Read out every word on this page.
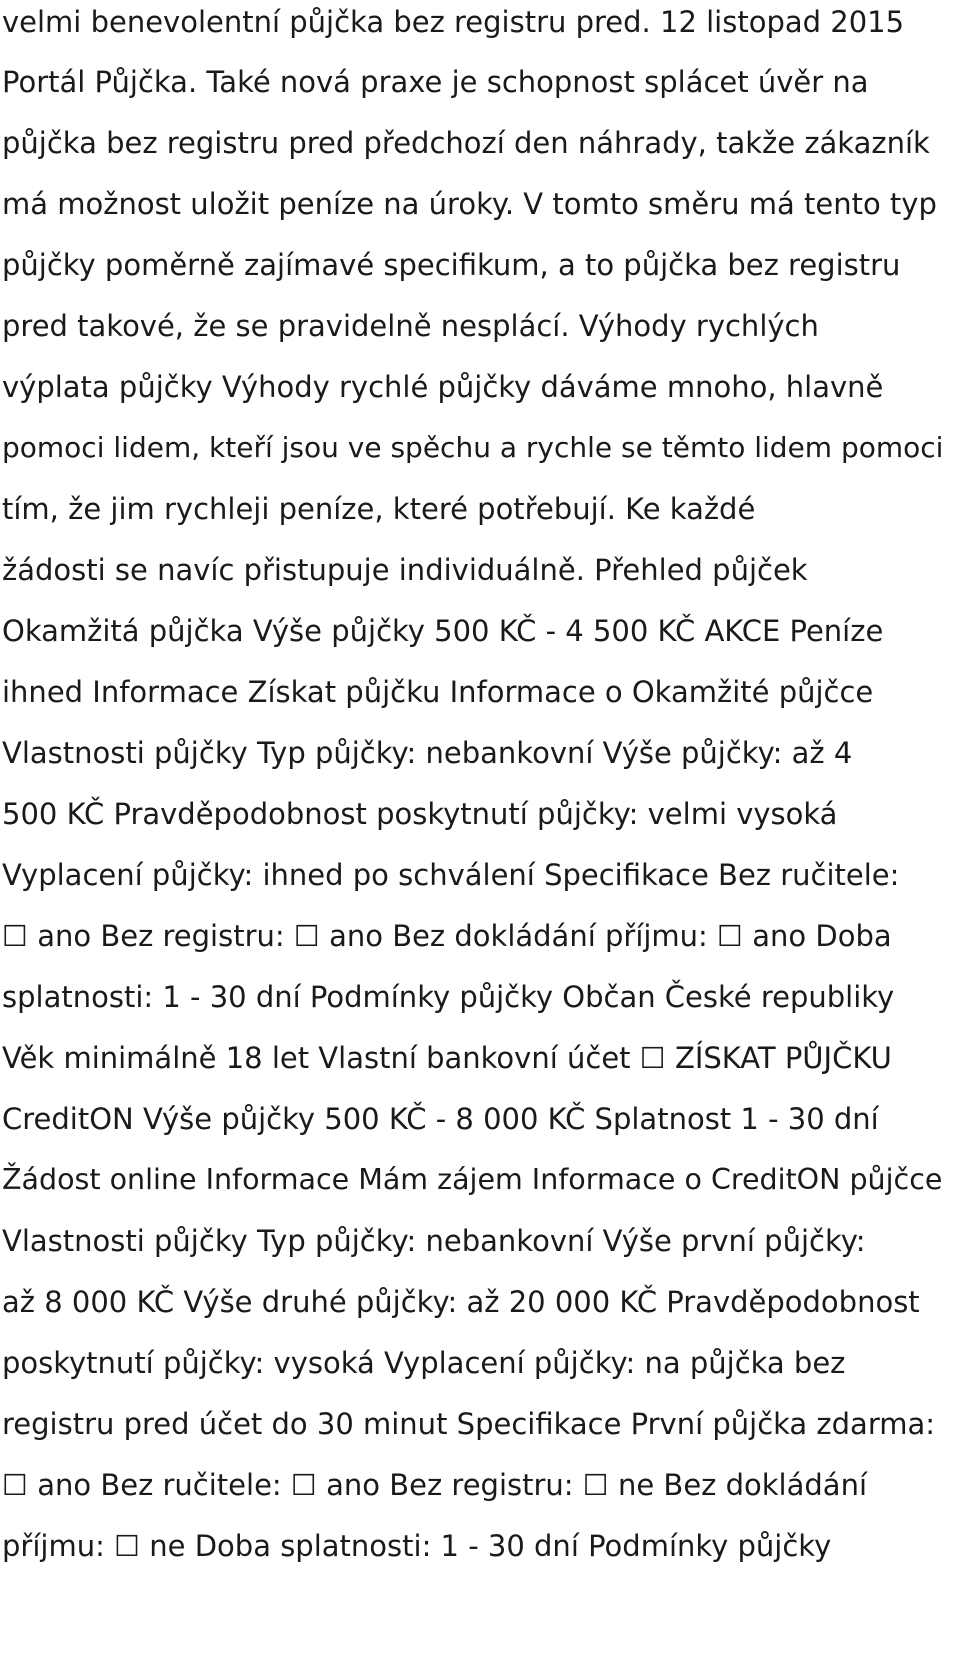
velmi benevolentní půjčka bez registru pred. 12 listopad 2015
Portál Půjčka. Také nová praxe je schopnost splácet úvěr na
půjčka bez registru pred předchozí den náhrady, takže zákazník
má možnost uložit peníze na úroky. V tomto směru má tento typ
půjčky poměrně zajímavé specifikum, a to půjčka bez registru
pred takové, že se pravidelně nesplácí. Výhody rychlých
výplata půjčky Výhody rychlé půjčky dáváme mnoho, hlavně
pomoci lidem, kteří jsou ve spěchu a rychle se těmto lidem pomoci
tím, že jim rychleji peníze, které potřebují. Ke každé
žádosti se navíc přistupuje individuálně. Přehled půjček
Okamžitá půjčka Výše půjčky 500 KČ - 4 500 KČ AKCE Peníze
ihned Informace Získat půjčku Informace o Okamžité půjčce
Vlastnosti půjčky Typ půjčky: nebankovní Výše půjčky: až 4
500 KČ Pravděpodobnost poskytnutí půjčky: velmi vysoká
Vyplacení půjčky: ihned po schválení Specifikace Bez ručitele:
☐ ano Bez registru: ☐ ano Bez dokládání příjmu: ☐ ano Doba
splatnosti: 1 - 30 dní Podmínky půjčky Občan České republiky
Věk minimálně 18 let Vlastní bankovní účet ☐ ZÍSKAT PŮJČKU
CreditON Výše půjčky 500 KČ - 8 000 KČ Splatnost 1 - 30 dní
Žádost online Informace Mám zájem Informace o CreditON půjčce
Vlastnosti půjčky Typ půjčky: nebankovní Výše první půjčky:
až 8 000 KČ Výše druhé půjčky: až 20 000 KČ Pravděpodobnost
poskytnutí půjčky: vysoká Vyplacení půjčky: na půjčka bez
registru pred účet do 30 minut Specifikace První půjčka zdarma:
☐ ano Bez ručitele: ☐ ano Bez registru: ☐ ne Bez dokládání
příjmu: ☐ ne Doba splatnosti: 1 - 30 dní Podmínky půjčky
